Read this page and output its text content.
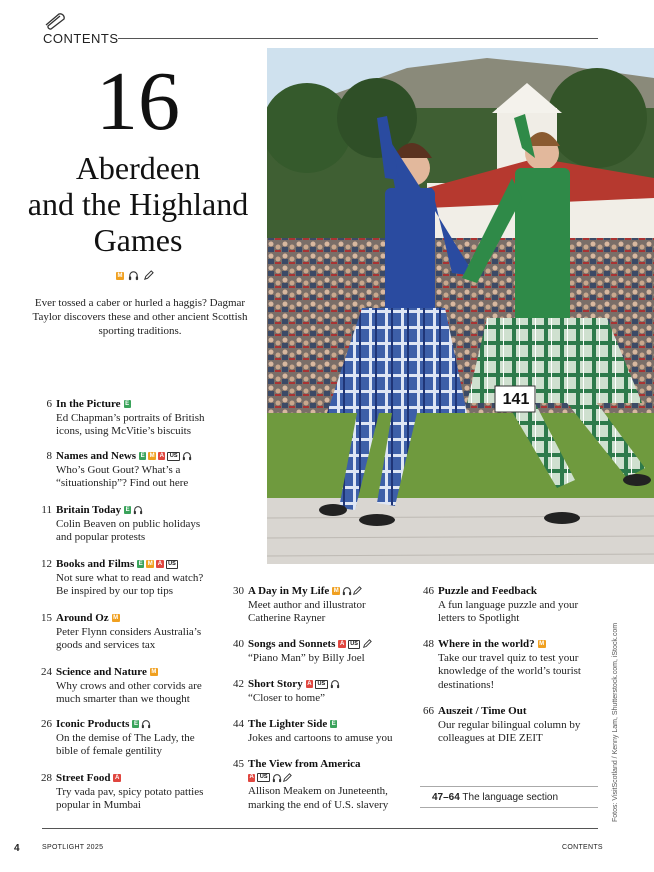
CONTENTS
16
Aberdeen
and the Highland
Games
M
Ever tossed a caber or hurled a haggis? Dagmar Taylor discovers these and other ancient Scottish sporting traditions.
141
6 In the Picture E
Ed Chapman’s portraits of British
icons, using McVitie’s biscuits
8 Names and News E M A US
Who’s Gout Gout? What’s a
“situationship”? Find out here
11 Britain Today E
Colin Beaven on public holidays
and popular protests
12 Books and Films E M A US
Not sure what to read and watch?
Be inspired by our top tips
15 Around Oz M
Peter Flynn considers Australia’s
goods and services tax
24 Science and Nature M
Why crows and other corvids are
much smarter than we thought
26 Iconic Products E
On the demise of The Lady, the
bible of female gentility
28 Street Food A
Try vada pav, spicy potato patties
popular in Mumbai
30 A Day in My Life M
Meet author and illustrator
Catherine Rayner
40 Songs and Sonnets A US
“Piano Man” by Billy Joel
42 Short Story A US
“Closer to home”
44 The Lighter Side E
Jokes and cartoons to amuse you
45 The View from America
A US
Allison Meakem on Juneteenth,
marking the end of U.S. slavery
46 Puzzle and Feedback
A fun language puzzle and your
letters to Spotlight
48 Where in the world? M
Take our travel quiz to test your
knowledge of the world’s tourist
destinations!
66 Auszeit / Time Out
Our regular bilingual column by
colleagues at DIE ZEIT
47–64 The language section
4	SPOTLIGHT 2025	CONTENTS
Fotos: VisitScotland / Kenny Lam, Shutterstock.com, iStock.com
